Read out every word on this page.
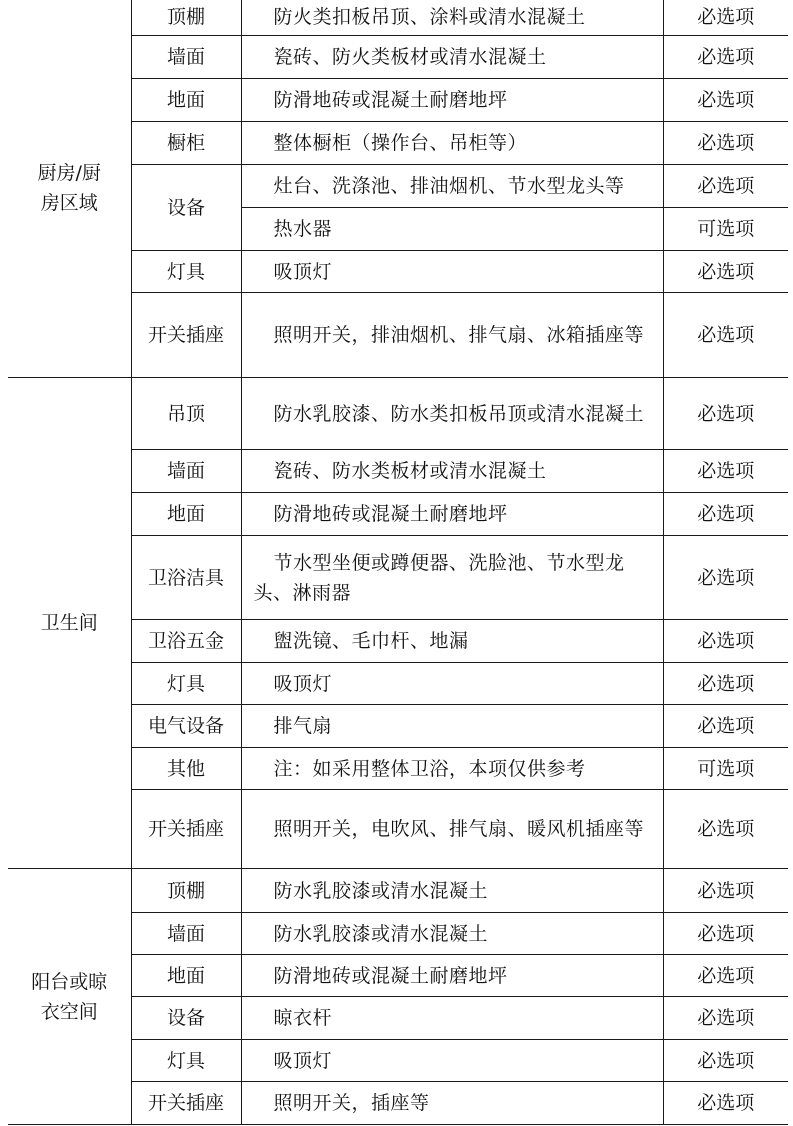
厨房/厨房区域	顶棚	防火类扣板吊顶、涂料或清水混凝土	必选项
	墙面	瓷砖、防火类板材或清水混凝土	必选项
	地面	防滑地砖或混凝土耐磨地坪	必选项
	橱柜	整体橱柜（操作台、吊柜等）	必选项
	设备	灶台、洗涤池、排油烟机、节水型龙头等	必选项

		热水器	可选项
	灯具	吸顶灯	必选项
	开关插座	照明开关，排油烟机、排气扇、冰箱插座等	必选项
卫生间	吊顶	防水乳胶漆、防水类扣板吊顶或清水混凝土	必选项
	墙面	瓷砖、防水类板材或清水混凝土	必选项
	地面	防滑地砖或混凝土耐磨地坪	必选项
	卫浴洁具	节水型坐便或蹲便器、洗脸池、节水型龙头、淋雨器	必选项
	卫浴五金	盥洗镜、毛巾杆、地漏	必选项
	灯具	吸顶灯	必选项
	电气设备	排气扇	必选项
	其他	注：如采用整体卫浴，本项仅供参考	可选项
	开关插座	照明开关，电吹风、排气扇、暖风机插座等	必选项
阳台或晾衣空间	顶棚	防水乳胶漆或清水混凝土	必选项
	墙面	防水乳胶漆或清水混凝土	必选项
	地面	防滑地砖或混凝土耐磨地坪	必选项
	设备	晾衣杆	必选项
	灯具	吸顶灯	必选项
	开关插座	照明开关，插座等	必选项
